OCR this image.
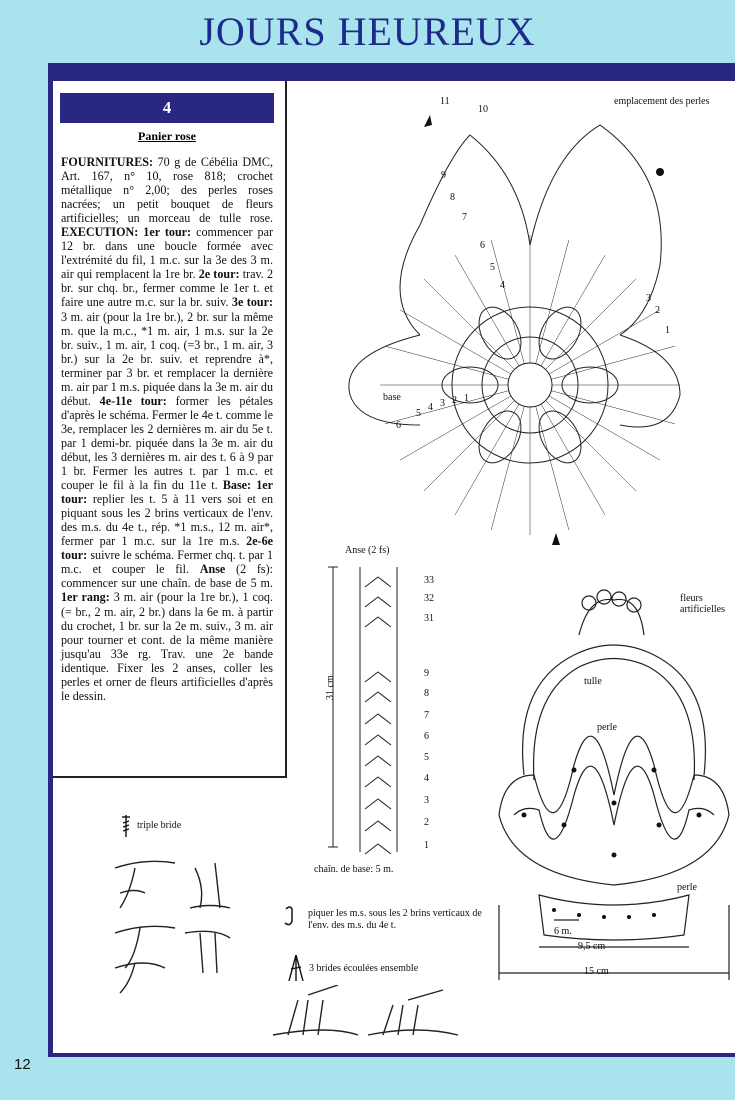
JOURS HEUREUX
4
Panier rose

FOURNITURES: 70 g de Cébélia DMC, Art. 167, n° 10, rose 818; crochet métallique n° 2,00; des perles roses nacrées; un petit bouquet de fleurs artificielles; un morceau de tulle rose. EXECUTION: 1er tour: commencer par 12 br. dans une boucle formée avec l'extrémité du fil, 1 m.c. sur la 3e des 3 m. air qui remplacent la 1re br. 2e tour: trav. 2 br. sur chq. br., fermer comme le 1er t. et faire une autre m.c. sur la br. suiv. 3e tour: 3 m. air (pour la 1re br.), 2 br. sur la même m. que la m.c., *1 m. air, 1 m.s. sur la 2e br. suiv., 1 m. air, 1 coq. (=3 br., 1 m. air, 3 br.) sur la 2e br. suiv. et reprendre à*, terminer par 3 br. et remplacer la dernière m. air par 1 m.s. piquée dans la 3e m. air du début. 4e-11e tour: former les pétales d'après le schéma. Fermer le 4e t. comme le 3e, remplacer les 2 dernières m. air du 5e t. par 1 demi-br. piquée dans la 3e m. air du début, les 3 dernières m. air des t. 6 à 9 par 1 br. Fermer les autres t. par 1 m.c. et couper le fil à la fin du 11e t. Base: 1er tour: replier les t. 5 à 11 vers soi et en piquant sous les 2 brins verticaux de l'env. des m.s. du 4e t., rép. *1 m.s., 12 m. air*, fermer par 1 m.c. sur la 1re m.s. 2e-6e tour: suivre le schéma. Fermer chq. t. par 1 m.c. et couper le fil. Anse (2 fs): commencer sur une chaîn. de base de 5 m. 1er rang: 3 m. air (pour la 1re br.), 1 coq. (= br., 2 m. air, 2 br.) dans la 6e m. à partir du crochet, 1 br. sur la 2e m. suiv., 3 m. air pour tourner et cont. de la même manière jusqu'au 33e rg. Trav. une 2e bande identique. Fixer les 2 anses, coller les perles et orner de fleurs artificielles d'après le dessin.

11
10
emplacement des perles
9
8
7
6
5
4
3
2
1
base
6
5
4 3 2 1
Anse (2 fs)
31 cm
33
32
31
9
8
7
6
5
4
3
2
1
chaîn. de base: 5 m.
fleurs artificielles
tulle
perle
perle
6 m.
9,5 cm
15 cm
triple bride
piquer les m.s. sous les 2 brins verticaux de l'env. des m.s. du 4e t.
3 brides écoulées ensemble
12
